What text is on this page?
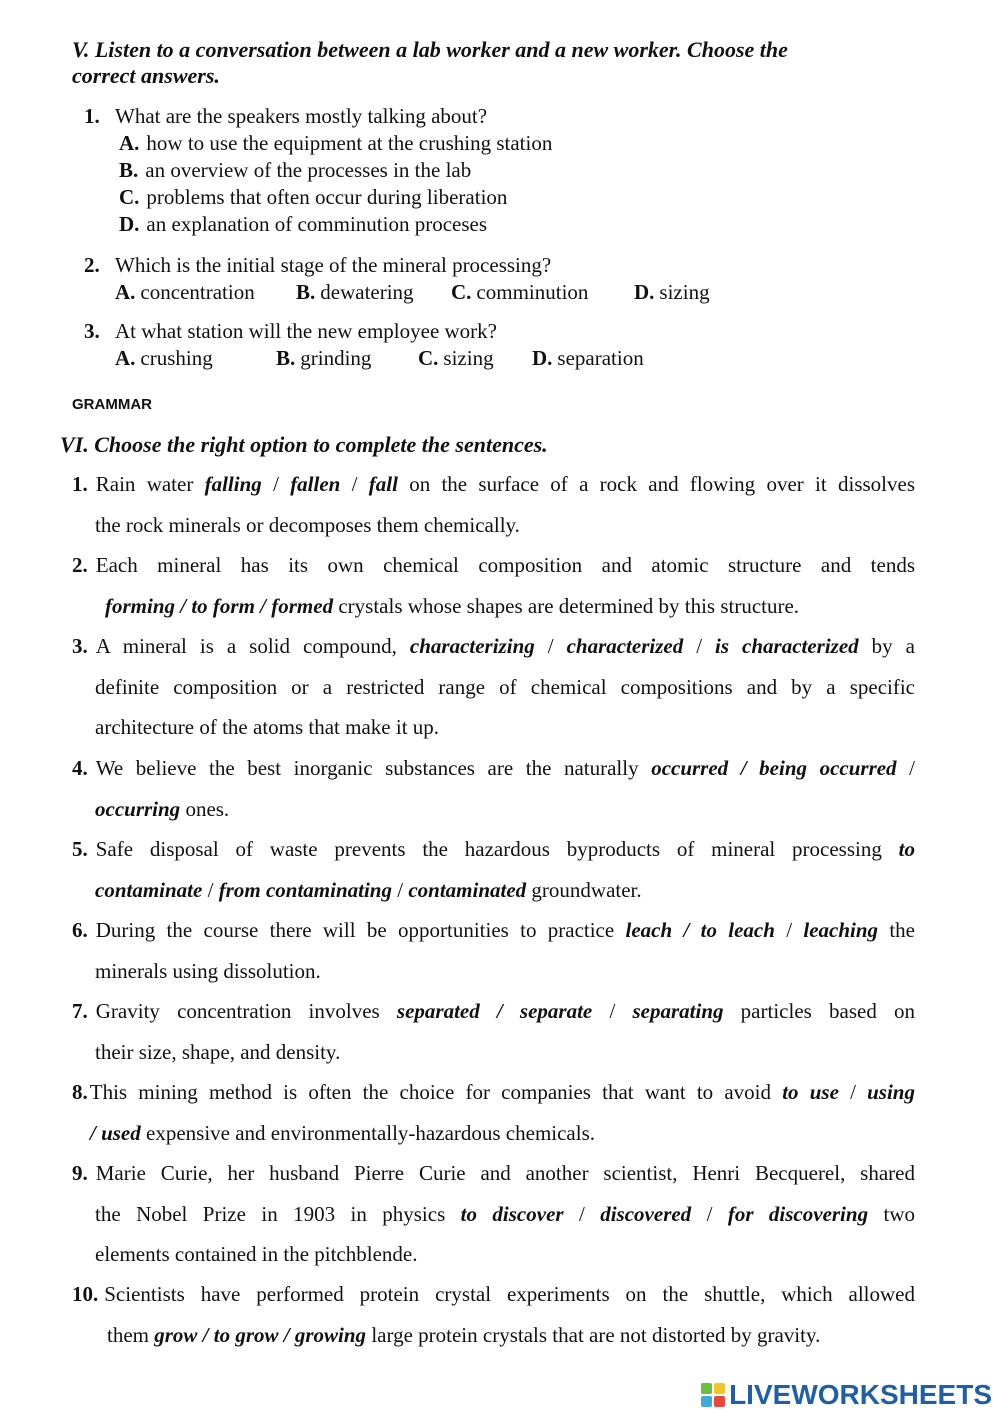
V. Listen to a conversation between a lab worker and a new worker. Choose the
correct answers.
1. What are the speakers mostly talking about?
A. how to use the equipment at the crushing station
B. an overview of the processes in the lab
C. problems that often occur during liberation
D. an explanation of comminution proceses
2. Which is the initial stage of the mineral processing?
A. concentration B. dewatering C. comminution D. sizing
3. At what station will the new employee work?
A. crushing	B. grinding C. sizing D. separation
GRAMMAR
VI. Choose the right option to complete the sentences.

1. Rain water falling / fallen / fall on the surface of a rock and flowing over it dissolves

the rock minerals or decomposes them chemically.

2. Each mineral has its own chemical composition and atomic structure and tends

forming / to form / formed crystals whose shapes are determined by this structure.

3. A mineral is a solid compound, characterizing / characterized / is characterized by a

definite composition or a restricted range of chemical compositions and by a specific

architecture of the atoms that make it up.

4. We believe the best inorganic substances are the naturally occurred / being occurred /

occurring ones.

5. Safe disposal of waste prevents the hazardous byproducts of mineral processing to

contaminate / from contaminating / contaminated groundwater.

6. During the course there will be opportunities to practice leach / to leach / leaching the

minerals using dissolution.

7. Gravity concentration involves separated / separate / separating particles based on

their size, shape, and density.

8.This mining method is often the choice for companies that want to avoid to use / using

/ used expensive and environmentally-hazardous chemicals.

9. Marie Curie, her husband Pierre Curie and another scientist, Henri Becquerel, shared

the Nobel Prize in 1903 in physics to discover / discovered / for discovering two

elements contained in the pitchblende.

10. Scientists have performed protein crystal experiments on the shuttle, which allowed

them grow / to grow / growing large protein crystals that are not distorted by gravity.

LIVEWORKSHEETS
